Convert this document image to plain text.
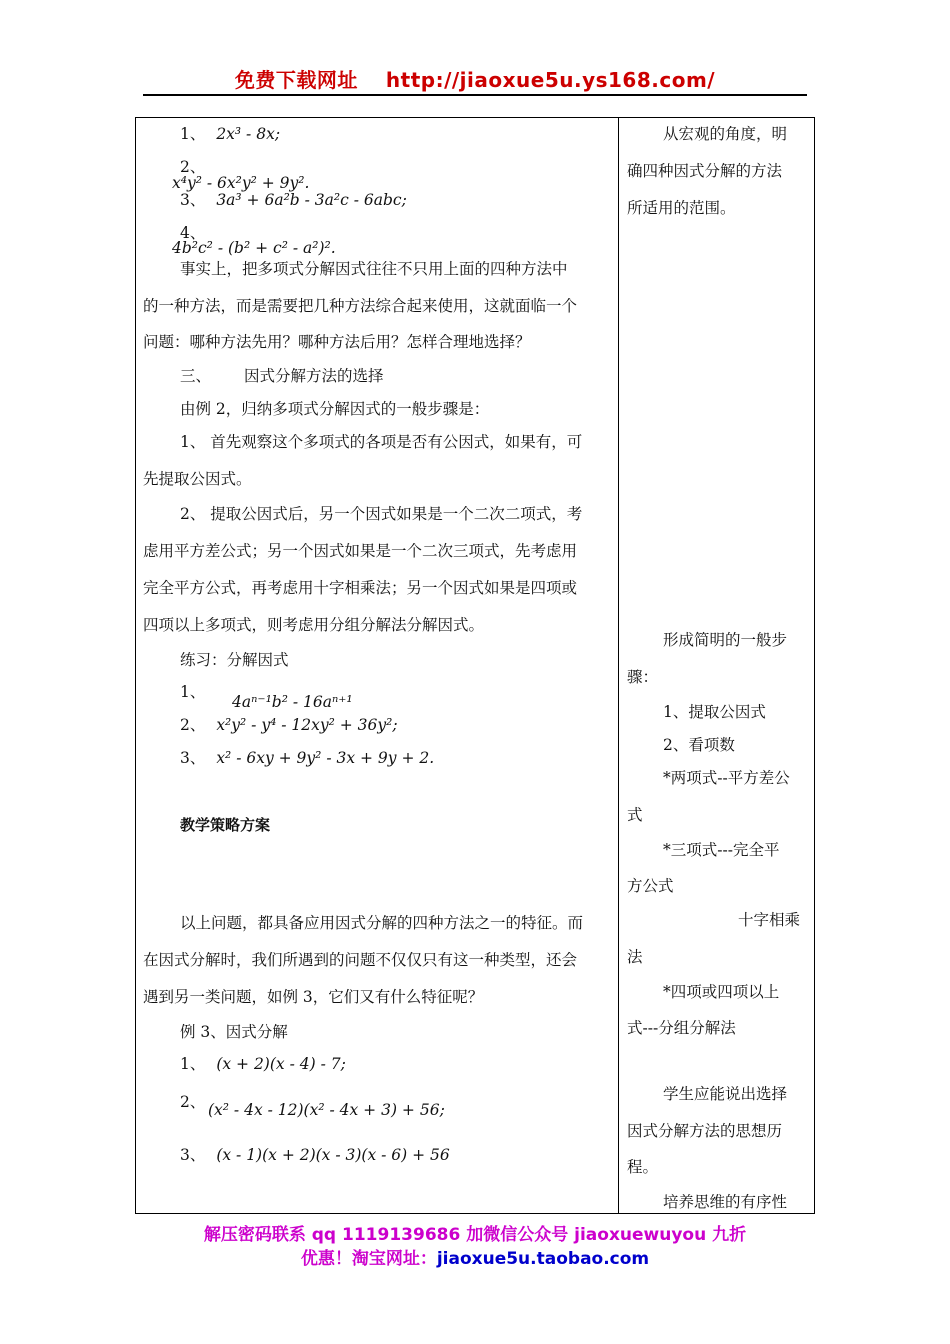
免费下载网址 http://jiaoxue5u.ys168.com/
1、 2x³ - 8x;
2、
x⁴y² - 6x²y² + 9y².
3、 3a³ + 6a²b - 3a²c - 6abc;
4、
4b²c² - (b² + c² - a²)².
事实上，把多项式分解因式往往不只用上面的四种方法中
的一种方法，而是需要把几种方法综合起来使用，这就面临一个
问题：哪种方法先用？哪种方法后用？怎样合理地选择？
三、 因式分解方法的选择
由例 2，归纳多项式分解因式的一般步骤是：
1、 首先观察这个多项式的各项是否有公因式，如果有，可
先提取公因式。
2、 提取公因式后，另一个因式如果是一个二次二项式，考
虑用平方差公式；另一个因式如果是一个二次三项式，先考虑用
完全平方公式，再考虑用十字相乘法；另一个因式如果是四项或
四项以上多项式，则考虑用分组分解法分解因式。
练习：分解因式
1、
4aⁿ⁻¹b² - 16aⁿ⁺¹
2、 x²y² - y⁴ - 12xy² + 36y²;
3、 x² - 6xy + 9y² - 3x + 9y + 2.
教学策略方案
以上问题，都具备应用因式分解的四种方法之一的特征。而
在因式分解时，我们所遇到的问题不仅仅只有这一种类型，还会
遇到另一类问题，如例 3，它们又有什么特征呢？
例 3、因式分解
1、 (x + 2)(x - 4) - 7;
2、 (x² - 4x - 12)(x² - 4x + 3) + 56;
3、 (x - 1)(x + 2)(x - 3)(x - 6) + 56
从宏观的角度，明
确四种因式分解的方法
所适用的范围。
形成简明的一般步
骤：
1、提取公因式
2、看项数
*两项式--平方差公
式
*三项式---完全平
方公式
十字相乘
法
*四项或四项以上
式---分组分解法
学生应能说出选择
因式分解方法的思想历
程。
培养思维的有序性
解压密码联系 qq 1119139686 加微信公众号 jiaoxuewuyou 九折
优惠！淘宝网址：jiaoxue5u.taobao.com
